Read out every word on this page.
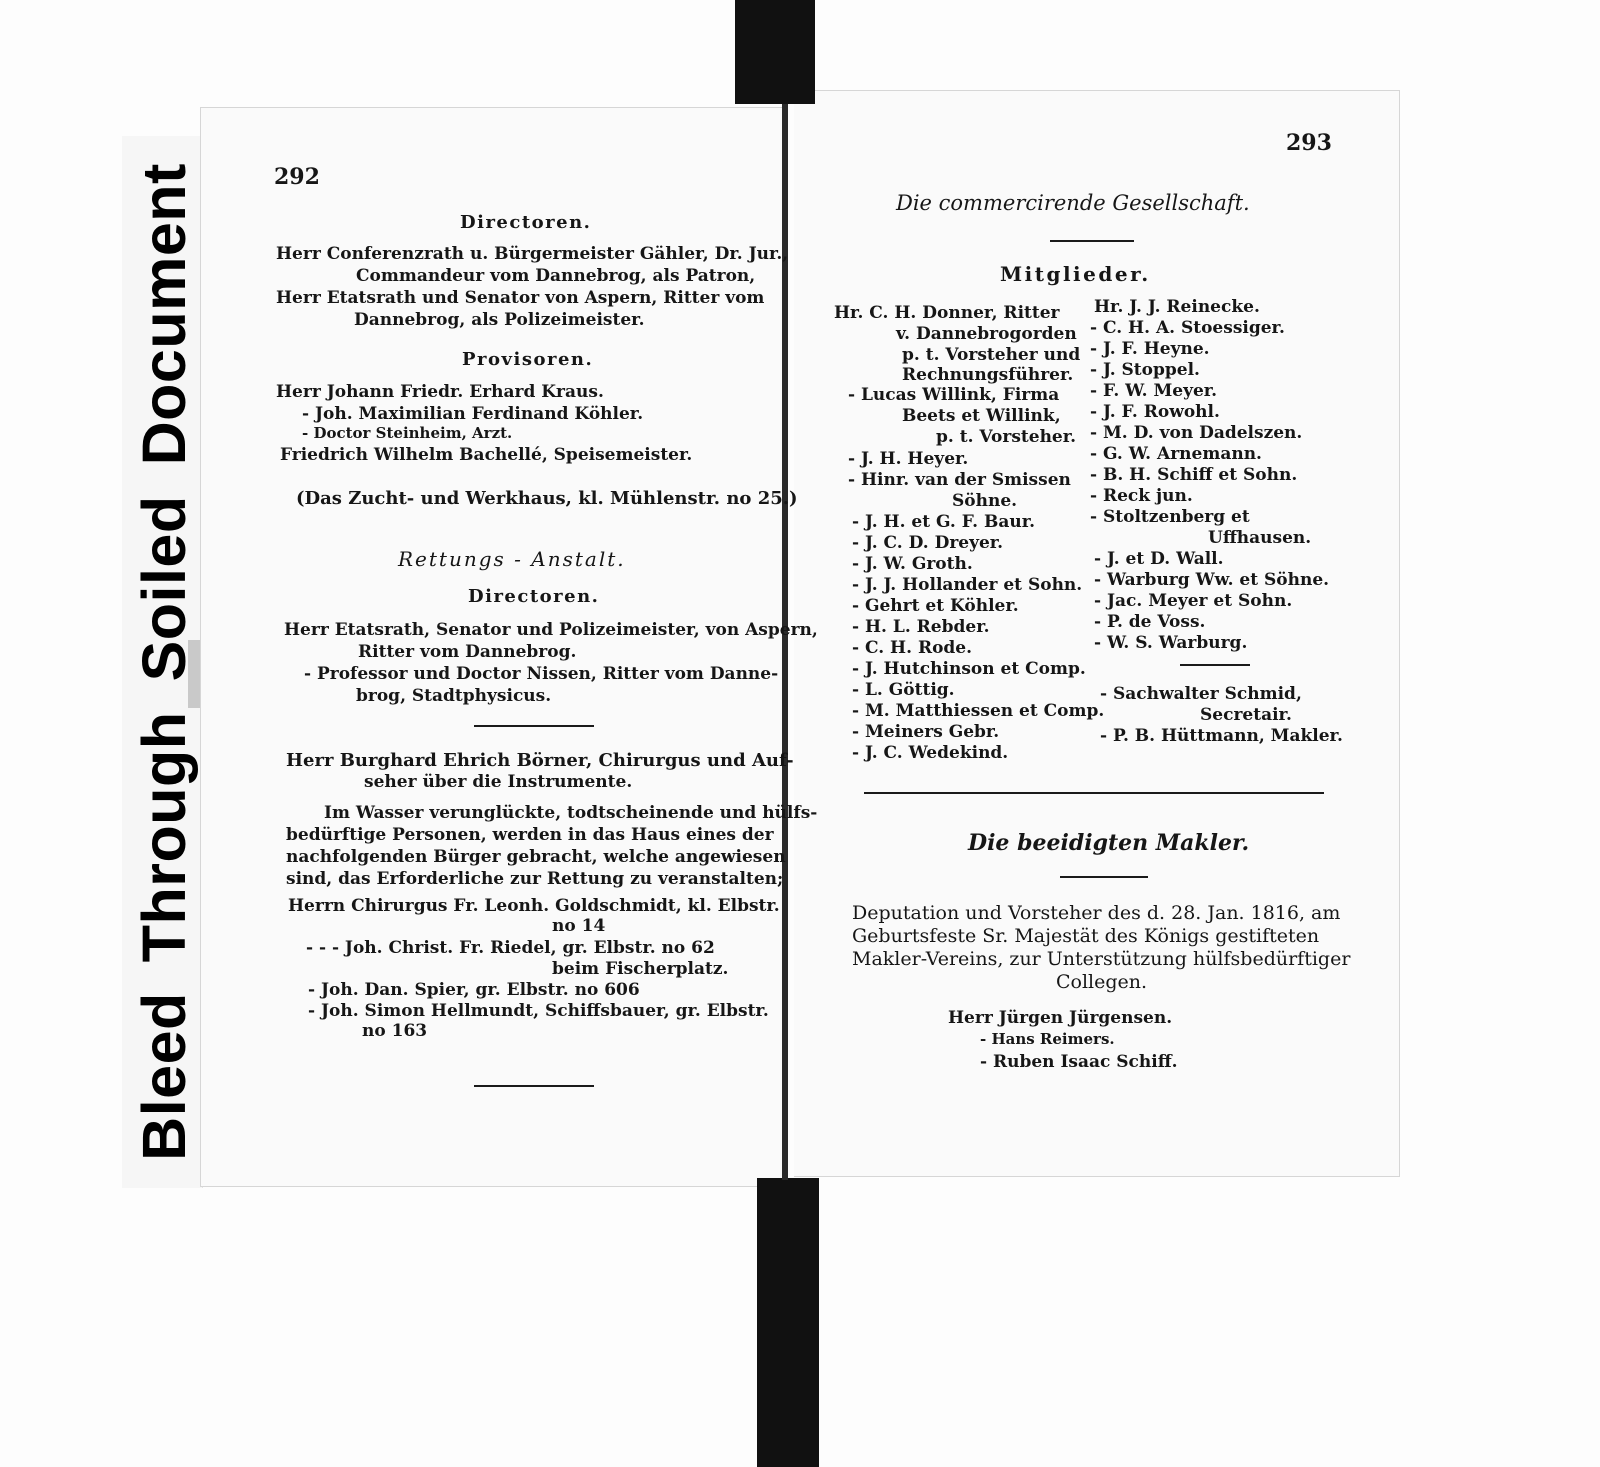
BleedThroughSoiledDocument	292
Directoren.
Herr Conferenzrath u. Bürgermeister Gähler, Dr. Jur.,
Commandeur vom Dannebrog, als Patron,
Herr Etatsrath und Senator von Aspern, Ritter vom
Dannebrog, als Polizeimeister.
Provisoren.
Herr Johann Friedr. Erhard Kraus.
- Joh. Maximilian Ferdinand Köhler.
- Doctor Steinheim, Arzt.
Friedrich Wilhelm Bachellé, Speisemeister.
(Das Zucht- und Werkhaus, kl. Mühlenstr. no 25.)
Rettungs - Anstalt.
Directoren.
Herr Etatsrath, Senator und Polizeimeister, von Aspern,
Ritter vom Dannebrog.
- Professor und Doctor Nissen, Ritter vom Danne-
brog, Stadtphysicus.
Herr Burghard Ehrich Börner, Chirurgus und Auf-
seher über die Instrumente.
Im Wasser verunglückte, todtscheinende und hülfs-
bedürftige Personen, werden in das Haus eines der
nachfolgenden Bürger gebracht, welche angewiesen
sind, das Erforderliche zur Rettung zu veranstalten;
Herrn Chirurgus Fr. Leonh. Goldschmidt, kl. Elbstr.
no 14
- - - Joh. Christ. Fr. Riedel, gr. Elbstr. no 62
beim Fischerplatz.
- Joh. Dan. Spier, gr. Elbstr. no 606
- Joh. Simon Hellmundt, Schiffsbauer, gr. Elbstr.
no 163
293
Die commercirende Gesellschaft.
Mitglieder.
Hr. C. H. Donner, Ritter
v. Dannebrogorden
p. t. Vorsteher und
Rechnungsführer.
- Lucas Willink, Firma
Beets et Willink,
p. t. Vorsteher.
- J. H. Heyer.
- Hinr. van der Smissen
Söhne.
- J. H. et G. F. Baur.
- J. C. D. Dreyer.
- J. W. Groth.
- J. J. Hollander et Sohn.
- Gehrt et Köhler.
- H. L. Rebder.
- C. H. Rode.
- J. Hutchinson et Comp.
- L. Göttig.
- M. Matthiessen et Comp.
- Meiners Gebr.
- J. C. Wedekind.
Hr. J. J. Reinecke.
- C. H. A. Stoessiger.
- J. F. Heyne.
- J. Stoppel.
- F. W. Meyer.
- J. F. Rowohl.
- M. D. von Dadelszen.
- G. W. Arnemann.
- B. H. Schiff et Sohn.
- Reck jun.
- Stoltzenberg et
Uffhausen.
- J. et D. Wall.
- Warburg Ww. et Söhne.
- Jac. Meyer et Sohn.
- P. de Voss.
- W. S. Warburg.
- Sachwalter Schmid,
Secretair.
- P. B. Hüttmann, Makler.
Die beeidigten Makler.
Deputation und Vorsteher des d. 28. Jan. 1816, am
Geburtsfeste Sr. Majestät des Königs gestifteten
Makler-Vereins, zur Unterstützung hülfsbedürftiger
Collegen.
Herr Jürgen Jürgensen.
- Hans Reimers.
- Ruben Isaac Schiff.
